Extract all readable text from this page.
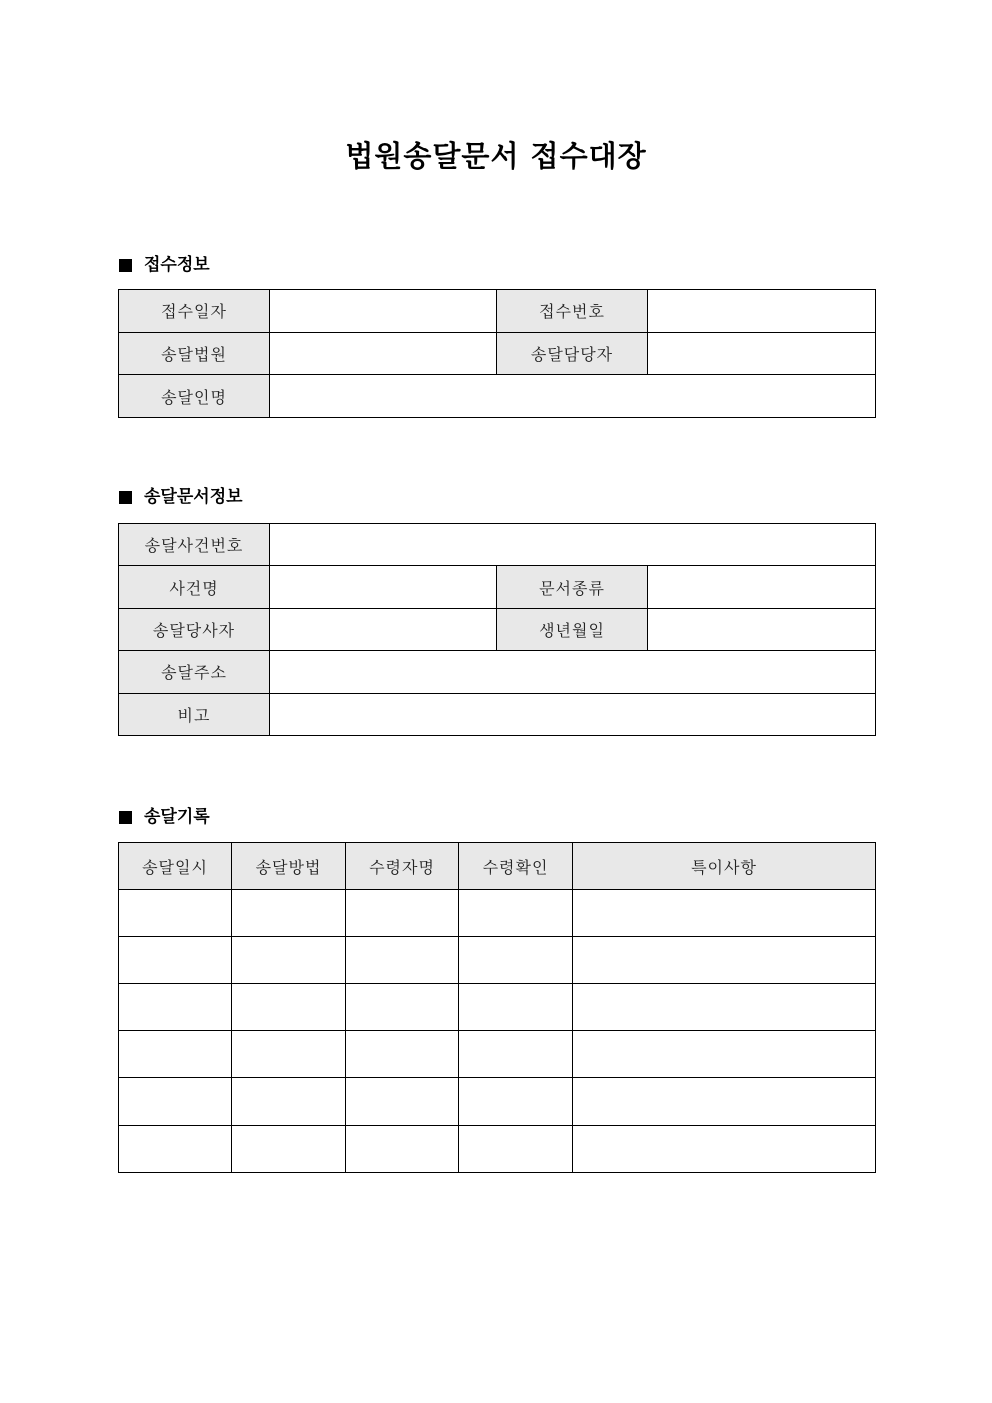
법원송달문서 접수대장
접수정보
접수일자		접수번호	
송달법원		송달담당자	
송달인명			
송달문서정보
송달사건번호			
사건명		문서종류	
송달당사자		생년월일	
송달주소			
비고			
송달기록
송달일시	송달방법	수령자명	수령확인	특이사항
